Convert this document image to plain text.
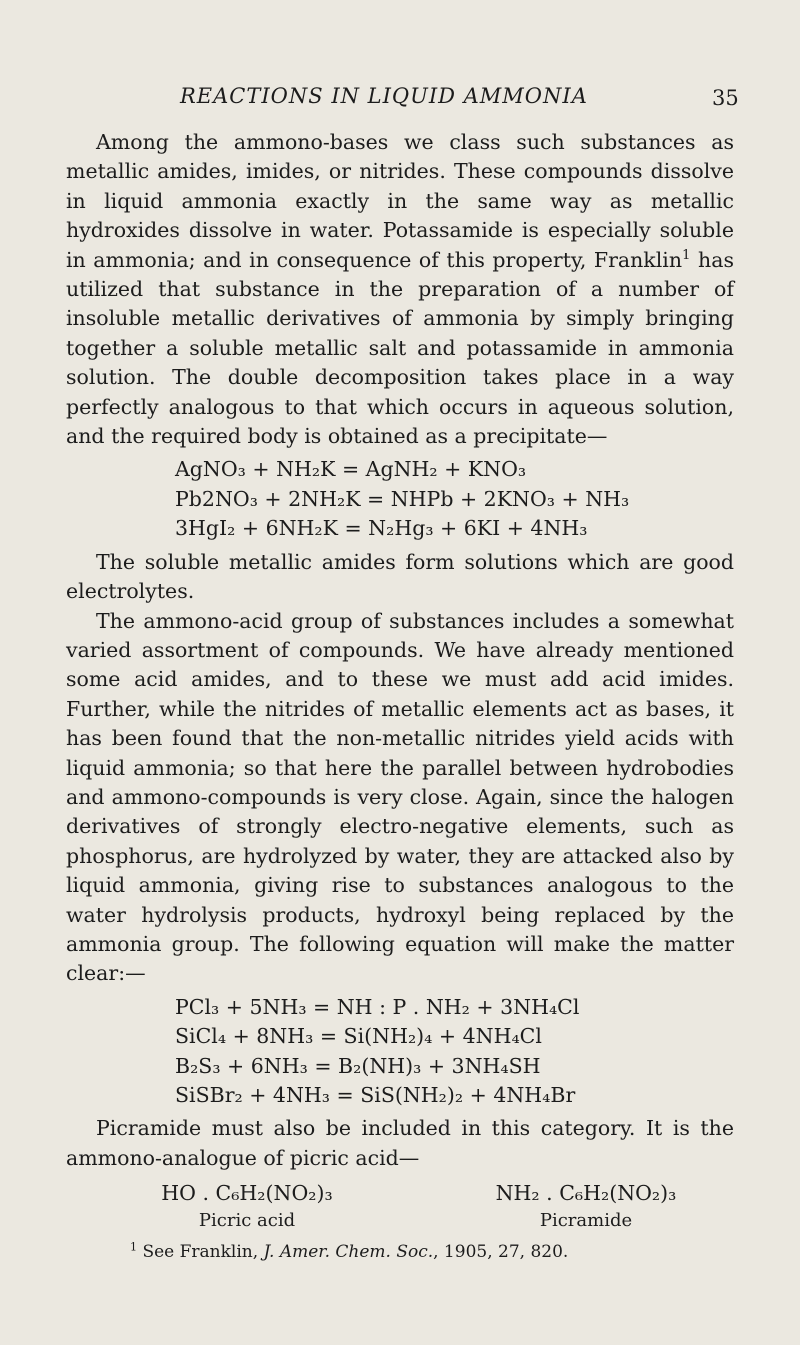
REACTIONS IN LIQUID AMMONIA	35

Among the ammono-bases we class such substances as metallic amides, imides, or nitrides. These compounds dissolve in liquid ammonia exactly in the same way as metallic hydroxides dissolve in water. Potassamide is especially soluble in ammonia; and in consequence of this property, Franklin$^1$ has utilized that substance in the preparation of a number of insoluble metallic derivatives of ammonia by simply bringing together a soluble metallic salt and potassamide in ammonia solution. The double decomposition takes place in a way perfectly analogous to that which occurs in aqueous solution, and the required body is obtained as a precipitate—

AgNO₃ + NH₂K = AgNH₂ + KNO₃
Pb2NO₃ + 2NH₂K = NHPb + 2KNO₃ + NH₃
3HgI₂ + 6NH₂K = N₂Hg₃ + 6KI + 4NH₃

The soluble metallic amides form solutions which are good electrolytes.

The ammono-acid group of substances includes a somewhat varied assortment of compounds. We have already mentioned some acid amides, and to these we must add acid imides. Further, while the nitrides of metallic elements act as bases, it has been found that the non-metallic nitrides yield acids with liquid ammonia; so that here the parallel between hydrobodies and ammono-compounds is very close. Again, since the halogen derivatives of strongly electro-negative elements, such as phosphorus, are hydrolyzed by water, they are attacked also by liquid ammonia, giving rise to substances analogous to the water hydrolysis products, hydroxyl being replaced by the ammonia group. The following equation will make the matter clear:—

PCl₃ + 5NH₃ = NH : P . NH₂ + 3NH₄Cl
SiCl₄ + 8NH₃ = Si(NH₂)₄ + 4NH₄Cl
B₂S₃ + 6NH₃ = B₂(NH)₃ + 3NH₄SH
SiSBr₂ + 4NH₃ = SiS(NH₂)₂ + 4NH₄Br

Picramide must also be included in this category. It is the ammono-analogue of picric acid—

HO . C₆H₂(NO₂)₃
Picric acid
NH₂ . C₆H₂(NO₂)₃
Picramide
$^1$ See Franklin, J. Amer. Chem. Soc., 1905, 27, 820.
